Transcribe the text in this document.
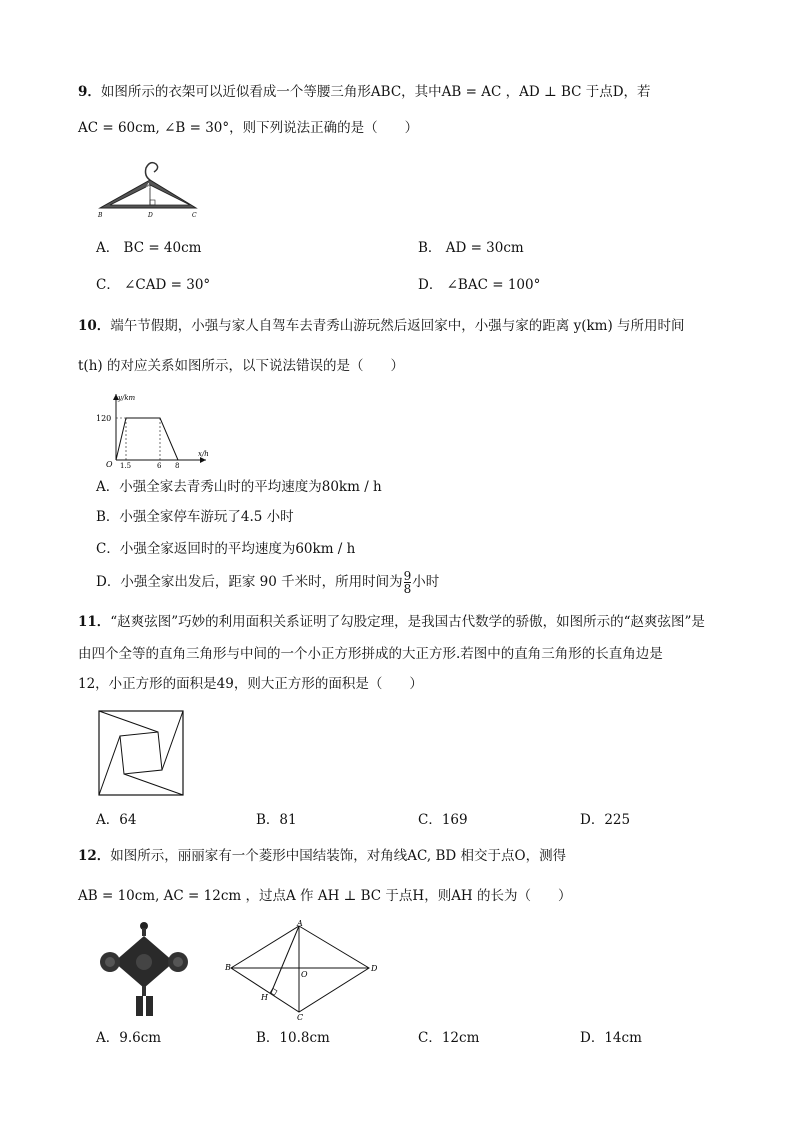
9．如图所示的衣架可以近似看成一个等腰三角形ABC，其中AB = AC ，AD ⊥ BC 于点D，若
AC = 60cm, ∠B = 30°，则下列说法正确的是（　　）
A
B	D	C
A． BC = 40cm	B． AD = 30cm
C． ∠CAD = 30°	D． ∠BAC = 100°
10．端午节假期，小强与家人自驾车去青秀山游玩然后返回家中，小强与家的距离 y(km) 与所用时间
t(h) 的对应关系如图所示，以下说法错误的是（　　）
y/km
x/h
120
O 1.5	6 8
A．小强全家去青秀山时的平均速度为80km / h
B．小强全家停车游玩了4.5 小时
C．小强全家返回时的平均速度为60km / h
D．小强全家出发后，距家 90 千米时，所用时间为 $\frac{9}{8}$ 小时
11．“赵爽弦图”巧妙的利用面积关系证明了勾股定理，是我国古代数学的骄傲，如图所示的“赵爽弦图”是
由四个全等的直角三角形与中间的一个小正方形拼成的大正方形.若图中的直角三角形的长直角边是
12，小正方形的面积是49，则大正方形的面积是（　　）
A．64	B．81	C．169	D．225
12．如图所示，丽丽家有一个菱形中国结装饰，对角线AC, BD 相交于点O，测得
AB = 10cm, AC = 12cm ，过点A 作 AH ⊥ BC 于点H，则AH 的长为（　　）
A
B
C
D
O
H
A．9.6cm	B．10.8cm	C．12cm	D．14cm
